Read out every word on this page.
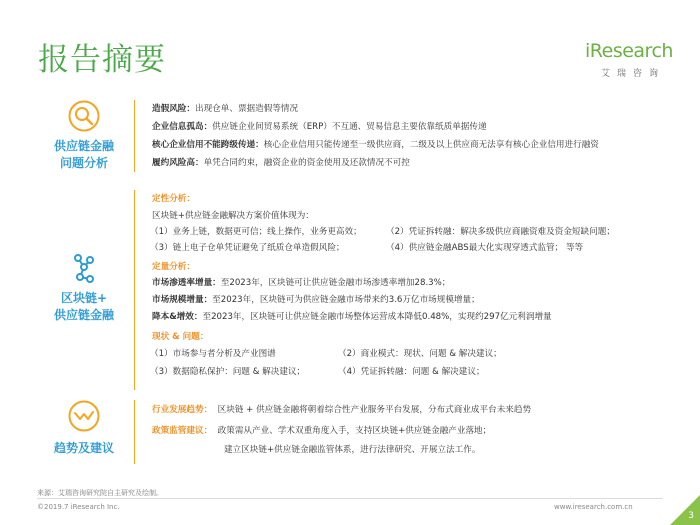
报告摘要	iResearch
艾瑞咨询
供应链金融
问题分析
造假风险：出现仓单、票据造假等情况
企业信息孤岛：供应链企业间贸易系统（ERP）不互通、贸易信息主要依靠纸质单据传递
核心企业信用不能跨级传递：核心企业信用只能传递至一级供应商，二级及以上供应商无法享有核心企业信用进行融资
履约风险高：单凭合同约束，融资企业的资金使用及还款情况不可控
区块链+
供应链金融
定性分析：
区块链+供应链金融解决方案价值体现为：
（1）业务上链，数据更可信；线上操作，业务更高效；	（2）凭证拆转融：解决多级供应商融资难及资金短缺问题；
（3）链上电子仓单凭证避免了纸质仓单造假风险；	（4）供应链金融ABS最大化实现穿透式监管； 等等
定量分析：
市场渗透率增量：至2023年，区块链可让供应链金融市场渗透率增加28.3%；
市场规模增量：至2023年，区块链可为供应链金融市场带来约3.6万亿市场规模增量；
降本&增效：至2023年，区块链可让供应链金融市场整体运营成本降低0.48%，实现约297亿元利润增量
现状 & 问题：
（1）市场参与者分析及产业图谱	（2）商业模式：现状、问题 & 解决建议；
（3）数据隐私保护：问题 & 解决建议；	（4）凭证拆转融：问题 & 解决建议；
趋势及建议
行业发展趋势： 区块链 + 供应链金融将朝着综合性产业服务平台发展，分布式商业成平台未来趋势
政策监管建议： 政策需从产业、学术双重角度入手，支持区块链+供应链金融产业落地；
建立区块链+供应链金融监管体系，进行法律研究、开展立法工作。
来源：艾瑞咨询研究院自主研究及绘制。
©2019.7 iResearch Inc.	www.iresearch.com.cn
3
